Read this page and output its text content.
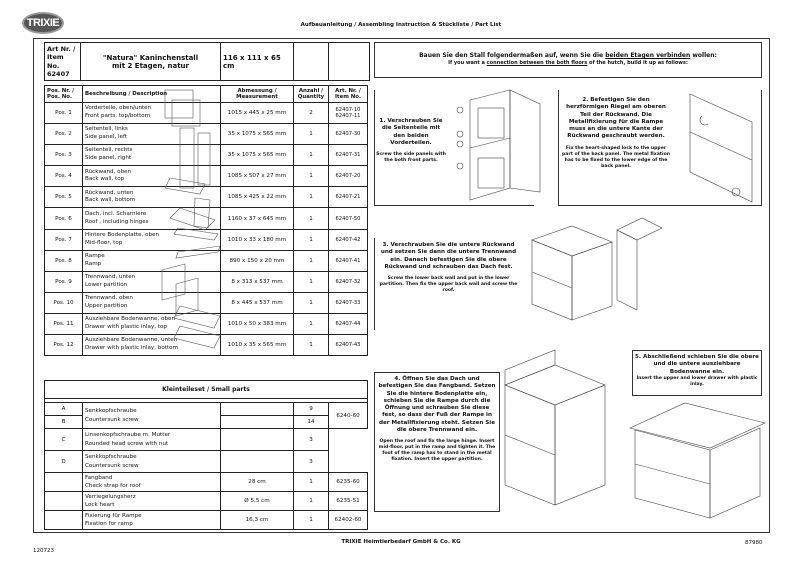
TRIXIE	Aufbauanleitung / Assembling Instruction & Stückliste / Part List
Art Nr. / Item No.
62407	"Natura" Kaninchenstall
mit 2 Etagen, natur	116 x 111 x 65 cm		
Pos. Nr. / Pos. No.	Beschreibung / Description	Abmessung / Measurement	Anzahl / Quantity	Art. Nr. / Item No.
Pos. 1	Vorderteile, oben/unten
Front parts, top/bottom	1015 x 445 x 25 mm	2	62407-10 62407-11
Pos. 2	Seitenteil, links
Side panel, left	35 x 1075 x 565 mm	1	62407-30
Pos. 3	Seitenteil, rechts
Side panel, right	35 x 1075 x 565 mm	1	62407-31
Pos. 4	Rückwand, oben
Back wall, top	1085 x 507 x 27 mm	1	62407-20
Pos. 5	Rückwand, unten
Back wall, bottom	1085 x 425 x 22 mm	1	62407-21
Pos. 6	Dach, incl. Scharniere
Roof , including hinges	1160 x 37 x 645 mm	1	62407-50
Pos. 7	Hintere Bodenplatte, oben
Mid-floor, top	1010 x 33 x 180 mm	1	62407-42
Pos. 8	Rampe
Ramp	890 x 150 x 20 mm	1	62407-41
Pos. 9	Trennwand, unten
Lower partition	8 x 313 x 537 mm	1	62407-32
Pos. 10	Trennwand, oben
Upper partition	8 x 445 x 537 mm	1	62407-33
Pos. 11	Ausziehbare Bodenwanne, oben
Drawer with plastic inlay, top	1010 x 50 x 383 mm	1	62407-44
Pos. 12	Ausziehbare Bodenwanne, unten
Drawer with plastic inlay, bottom	1010 x 35 x 565 mm	1	62407-43
Kleinteileset / Small parts				

A	Senkkopfschraube
Countersunk screw		9	6240-60
B			14	
C	Linsenkopfschraube m. Mutter
Rounded head screw with nut		3	
D	Senkkopfschraube
Countersunk screw		3	
	Fangband
Check strap for roof	28 cm	1	6235-60
	Verriegelungsherz
Lock heart	Ø 5,5 cm	1	6235-51
	Fixierung für Rampe
Fixation for ramp	16,3 cm	1	62402-60
Bauen Sie den Stall folgendermaßen auf, wenn Sie die beiden Etagen verbinden wollen:
If you want a connection between the both floors of the hutch, build it up as follows:
1. Verschrauben Sie die Seitenteile mit den beiden Vorderteilen.
Screw the side panels with the both front parts.
2. Befestigen Sie den herzförmigen Riegel am oberen Teil der Rückwand. Die Metallfixierung für die Rampe muss an die untere Kante der Rückwand geschraubt werden.
Fix the heart-shaped lock to the upper part of the back panel. The metal fixation has to be fixed to the lower edge of the back panel.
3. Verschrauben Sie die untere Rückwand und setzen Sie dann die untere Trennwand ein. Danach befestigen Sie die obere Rückwand und schrauben das Dach fest.
Screw the lower back wall and put in the lower partition. Then fix the upper back wall and screw the roof.
4. Öffnen Sie das Dach und befestigen Sie das Fangband. Setzen Sie die hintere Bodenplatte ein, schieben Sie die Rampe durch die Öffnung und schrauben Sie diese fest, so dass der Fuß der Rampe in der Metallfixierung steht. Setzen Sie die obere Trennwand ein.
Open the roof and fix the large hinge. Insert mid-floor, put in the ramp and tighten it. The foot of the ramp has to stand in the metal fixation. Insert the upper partition.
5. Abschließend schieben Sie die obere und die untere ausziehbare Bodenwanne ein.
Insert the upper and lower drawer with plastic inlay.
TRIXIE Heimtierbedarf GmbH & Co. KG
120723
87980
